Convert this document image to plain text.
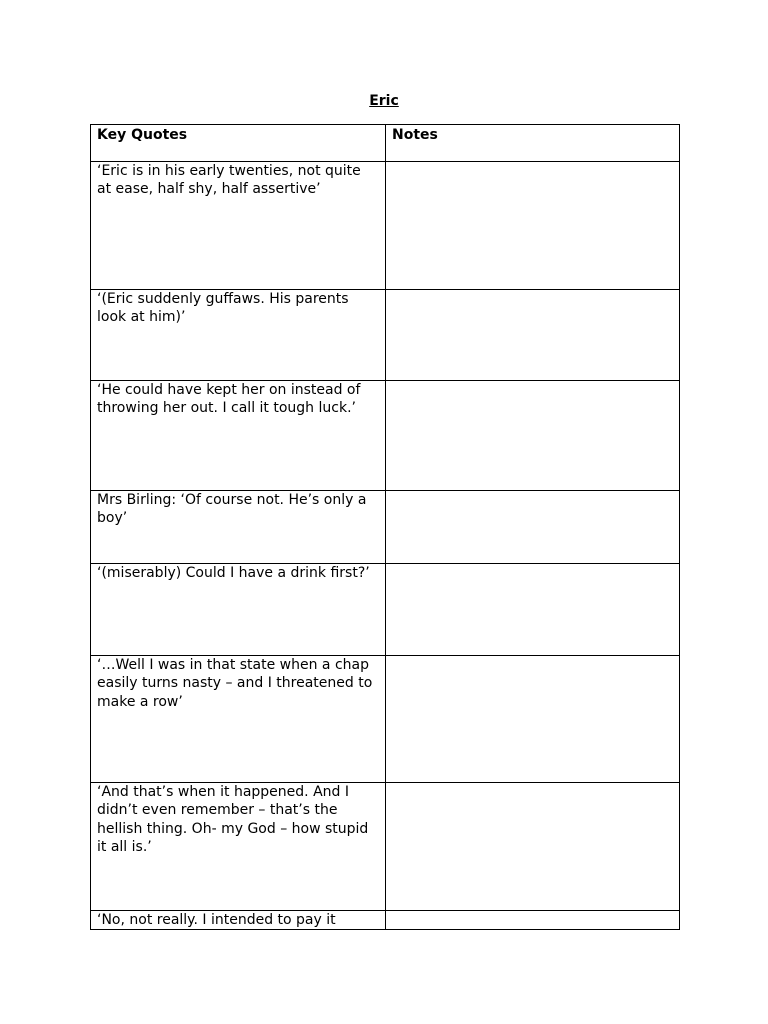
Eric
Key Quotes	Notes
‘Eric is in his early twenties, not quite at ease, half shy, half assertive’	
‘(Eric suddenly guffaws. His parents look at him)’	
‘He could have kept her on instead of throwing her out. I call it tough luck.’	
Mrs Birling: ‘Of course not. He’s only a boy’	
‘(miserably) Could I have a drink first?’	
‘…Well I was in that state when a chap easily turns nasty – and I threatened to make a row’	
‘And that’s when it happened. And I didn’t even remember – that’s the hellish thing. Oh- my God – how stupid it all is.’	
‘No, not really. I intended to pay it	
